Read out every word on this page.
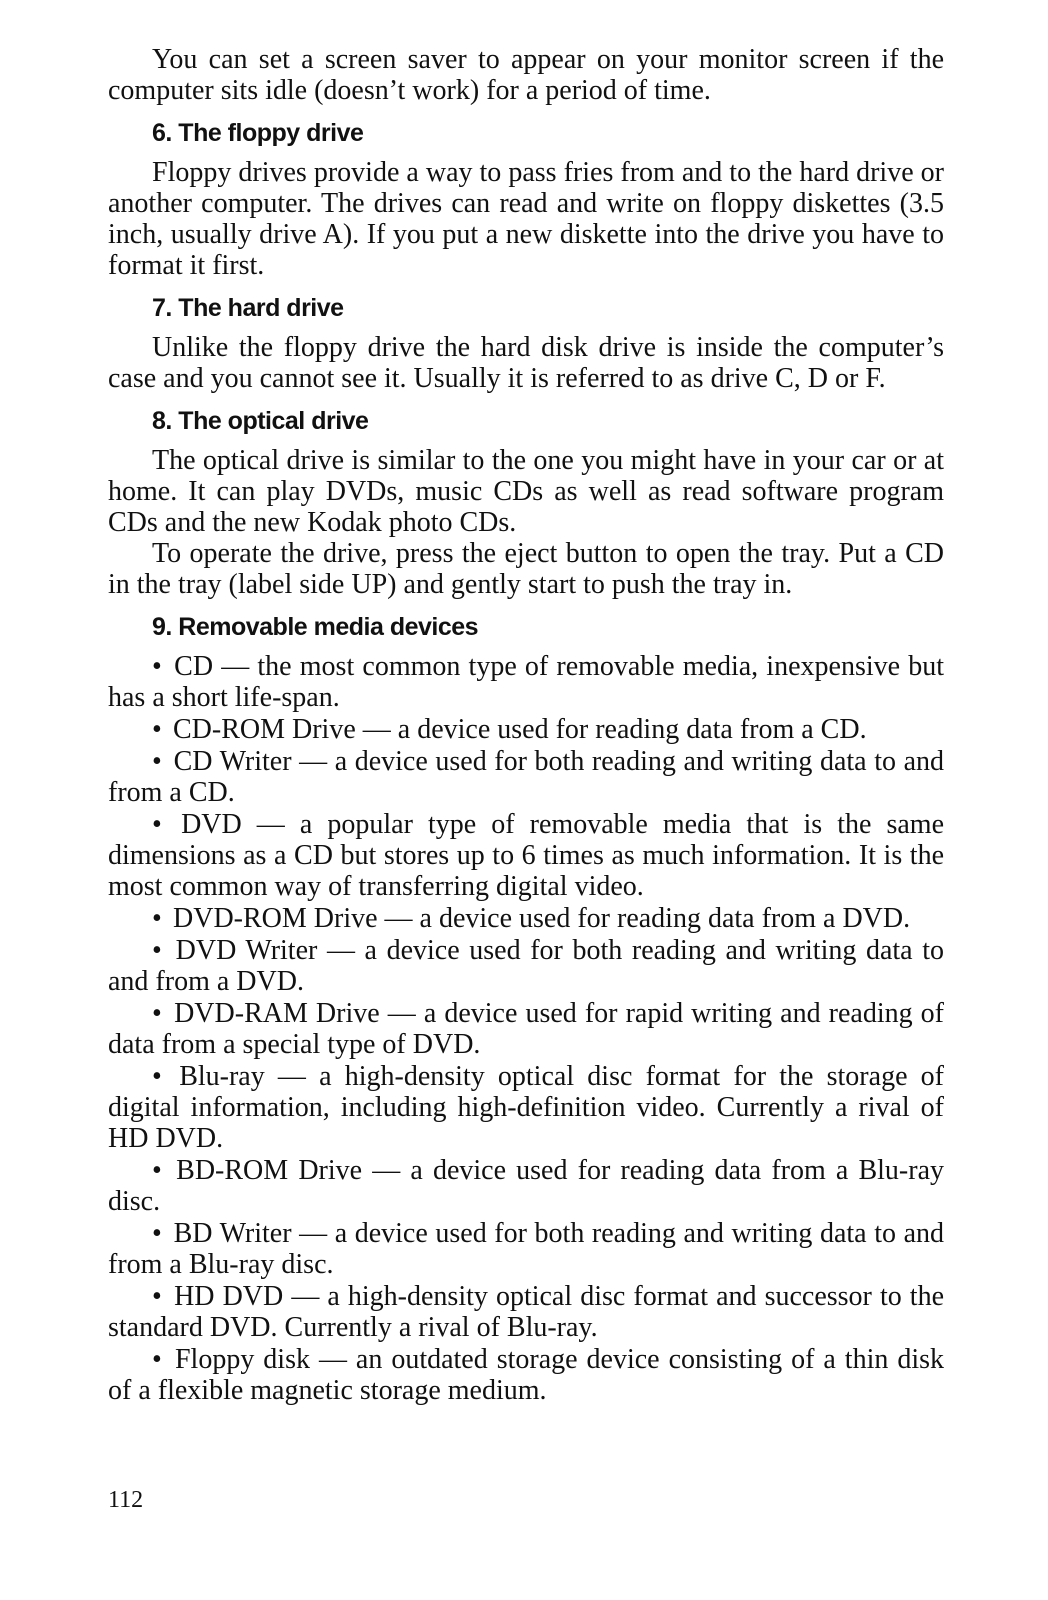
You can set a screen saver to appear on your monitor screen if the computer sits idle (doesn’t work) for a period of time.

6. The floppy drive

Floppy drives provide a way to pass fries from and to the hard drive or another computer. The drives can read and write on floppy diskettes (3.5 inch, usually drive A). If you put a new diskette into the drive you have to format it first.

7. The hard drive

Unlike the floppy drive the hard disk drive is inside the computer’s case and you cannot see it. Usually it is referred to as drive C, D or F.

8. The optical drive

The optical drive is similar to the one you might have in your car or at home. It can play DVDs, music CDs as well as read software program CDs and the new Kodak photo CDs.

To operate the drive, press the eject button to open the tray. Put a CD in the tray (label side UP) and gently start to push the tray in.

9. Removable media devices

• CD — the most common type of removable media, inexpensive but has a short life-span.

• CD-ROM Drive — a device used for reading data from a CD.

• CD Writer — a device used for both reading and writing data to and from a CD.

• DVD — a popular type of removable media that is the same dimensions as a CD but stores up to 6 times as much information. It is the most common way of transferring digital video.

• DVD-ROM Drive — a device used for reading data from a DVD.

• DVD Writer — a device used for both reading and writing data to and from a DVD.

• DVD-RAM Drive — a device used for rapid writing and reading of data from a special type of DVD.

• Blu-ray — a high-density optical disc format for the storage of digital information, including high-definition video. Currently a rival of HD DVD.

• BD-ROM Drive — a device used for reading data from a Blu-ray disc.

• BD Writer — a device used for both reading and writing data to and from a Blu-ray disc.

• HD DVD — a high-density optical disc format and successor to the standard DVD. Currently a rival of Blu-ray.

• Floppy disk — an outdated storage device consisting of a thin disk of a flexible magnetic storage medium.

112
